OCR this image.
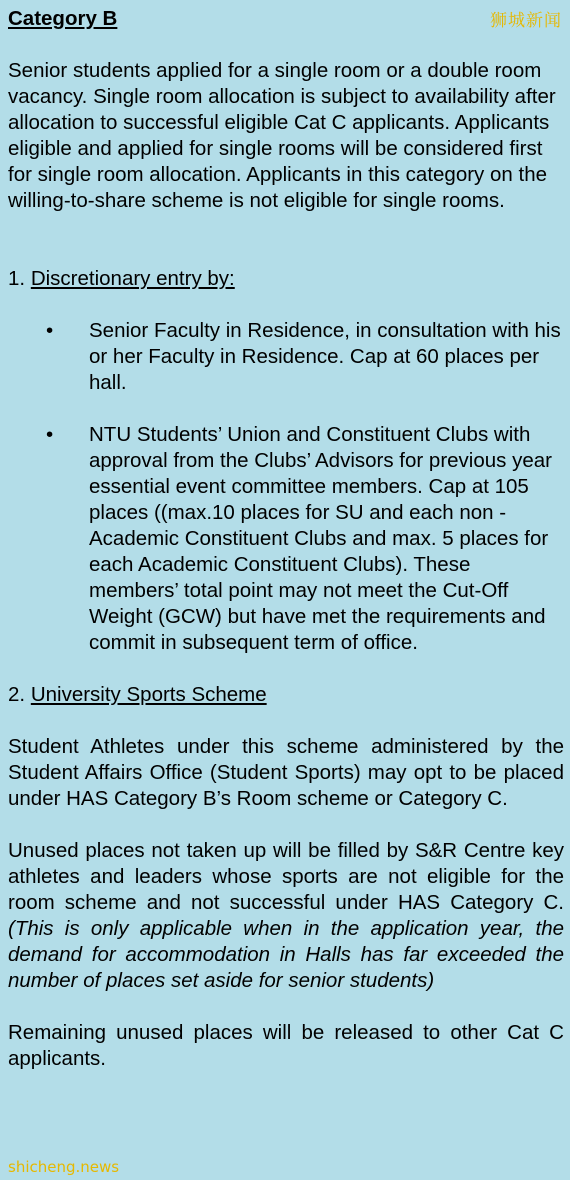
狮城新闻

Category B

Senior students applied for a single room or a double room vacancy. Single room allocation is subject to availability after allocation to successful eligible Cat C applicants. Applicants eligible and applied for single rooms will be considered first for single room allocation. Applicants in this category on the willing-to-share scheme is not eligible for single rooms.

1. Discretionary entry by:

• Senior Faculty in Residence, in consultation with his or her Faculty in Residence. Cap at 60 places per hall.
• NTU Students’ Union and Constituent Clubs with approval from the Clubs’ Advisors for previous year essential event committee members. Cap at 105 places ((max.10 places for SU and each non -Academic Constituent Clubs and max. 5 places for each Academic Constituent Clubs). These members’ total point may not meet the Cut-Off Weight (GCW) but have met the requirements and commit in subsequent term of office.

2. University Sports Scheme

Student Athletes under this scheme administered by the Student Affairs Office (Student Sports) may opt to be placed under HAS Category B’s Room scheme or Category C.

Unused places not taken up will be filled by S&R Centre key athletes and leaders whose sports are not eligible for the room scheme and not successful under HAS Category C. (This is only applicable when in the application year, the demand for accommodation in Halls has far exceeded the number of places set aside for senior students)

Remaining unused places will be released to other Cat C applicants.

shicheng.news
